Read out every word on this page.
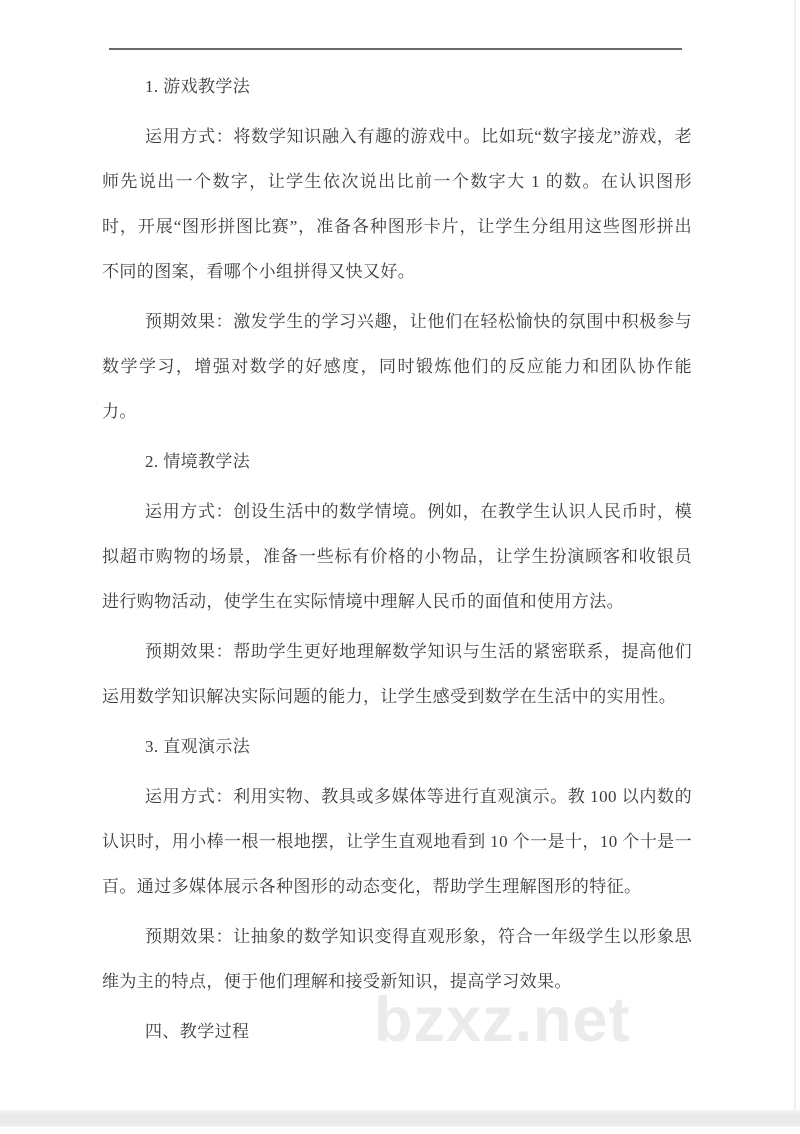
1. 游戏教学法
运用方式：将数学知识融入有趣的游戏中。比如玩“数字接龙”游戏，老师先说出一个数字，让学生依次说出比前一个数字大 1 的数。在认识图形时，开展“图形拼图比赛”，准备各种图形卡片，让学生分组用这些图形拼出不同的图案，看哪个小组拼得又快又好。
预期效果：激发学生的学习兴趣，让他们在轻松愉快的氛围中积极参与数学学习，增强对数学的好感度，同时锻炼他们的反应能力和团队协作能力。
2. 情境教学法
运用方式：创设生活中的数学情境。例如，在教学生认识人民币时，模拟超市购物的场景，准备一些标有价格的小物品，让学生扮演顾客和收银员进行购物活动，使学生在实际情境中理解人民币的面值和使用方法。
预期效果：帮助学生更好地理解数学知识与生活的紧密联系，提高他们运用数学知识解决实际问题的能力，让学生感受到数学在生活中的实用性。
3. 直观演示法
运用方式：利用实物、教具或多媒体等进行直观演示。教 100 以内数的认识时，用小棒一根一根地摆，让学生直观地看到 10 个一是十，10 个十是一百。通过多媒体展示各种图形的动态变化，帮助学生理解图形的特征。
预期效果：让抽象的数学知识变得直观形象，符合一年级学生以形象思维为主的特点，便于他们理解和接受新知识，提高学习效果。
四、教学过程	bzxz.net
